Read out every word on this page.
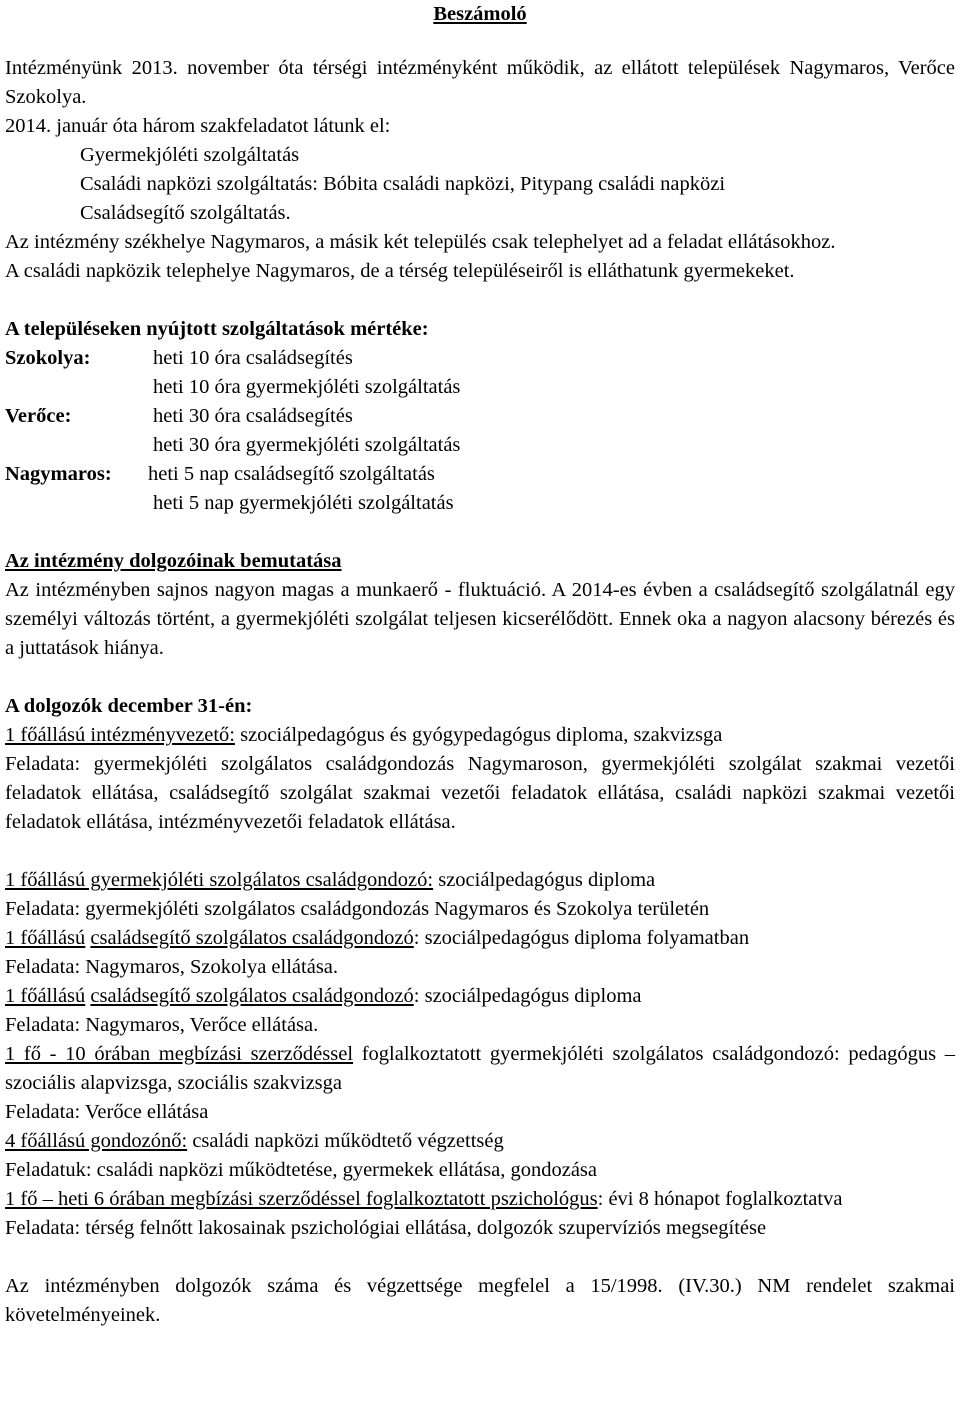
Beszámoló

Intézményünk 2013. november óta térségi intézményként működik, az ellátott települések Nagymaros, Verőce Szokolya.

2014. január óta három szakfeladatot látunk el:

Gyermekjóléti szolgáltatás
Családi napközi szolgáltatás: Bóbita családi napközi, Pitypang családi napközi
Családsegítő szolgáltatás.

Az intézmény székhelye Nagymaros, a másik két település csak telephelyet ad a feladat ellátásokhoz.

A családi napközik telephelye Nagymaros, de a térség településeiről is elláthatunk gyermekeket.

A településeken nyújtott szolgáltatások mértéke:
Szokolya:	heti 10 óra családsegítés
heti 10 óra gyermekjóléti szolgáltatás
Verőce:	heti 30 óra családsegítés
heti 30 óra gyermekjóléti szolgáltatás
Nagymaros:	heti 5 nap családsegítő szolgáltatás
heti 5 nap gyermekjóléti szolgáltatás
Az intézmény dolgozóinak bemutatása

Az intézményben sajnos nagyon magas a munkaerő - fluktuáció. A 2014-es évben a családsegítő szolgálatnál egy személyi változás történt, a gyermekjóléti szolgálat teljesen kicserélődött. Ennek oka a nagyon alacsony bérezés és a juttatások hiánya.

A dolgozók december 31-én:

1 főállású intézményvezető: szociálpedagógus és gyógypedagógus diploma, szakvizsga

Feladata: gyermekjóléti szolgálatos családgondozás Nagymaroson, gyermekjóléti szolgálat szakmai vezetői feladatok ellátása, családsegítő szolgálat szakmai vezetői feladatok ellátása, családi napközi szakmai vezetői feladatok ellátása, intézményvezetői feladatok ellátása.

1 főállású gyermekjóléti szolgálatos családgondozó: szociálpedagógus diploma

Feladata: gyermekjóléti szolgálatos családgondozás Nagymaros és Szokolya területén

1 főállású családsegítő szolgálatos családgondozó: szociálpedagógus diploma folyamatban

Feladata: Nagymaros, Szokolya ellátása.

1 főállású családsegítő szolgálatos családgondozó: szociálpedagógus diploma

Feladata: Nagymaros, Verőce ellátása.

1 fő - 10 órában megbízási szerződéssel foglalkoztatott gyermekjóléti szolgálatos családgondozó: pedagógus – szociális alapvizsga, szociális szakvizsga

Feladata: Verőce ellátása

4 főállású gondozónő: családi napközi működtető végzettség

Feladatuk: családi napközi működtetése, gyermekek ellátása, gondozása

1 fő – heti 6 órában megbízási szerződéssel foglalkoztatott pszichológus: évi 8 hónapot foglalkoztatva

Feladata: térség felnőtt lakosainak pszichológiai ellátása, dolgozók szupervíziós megsegítése

Az intézményben dolgozók száma és végzettsége megfelel a 15/1998. (IV.30.) NM rendelet szakmai követelményeinek.
